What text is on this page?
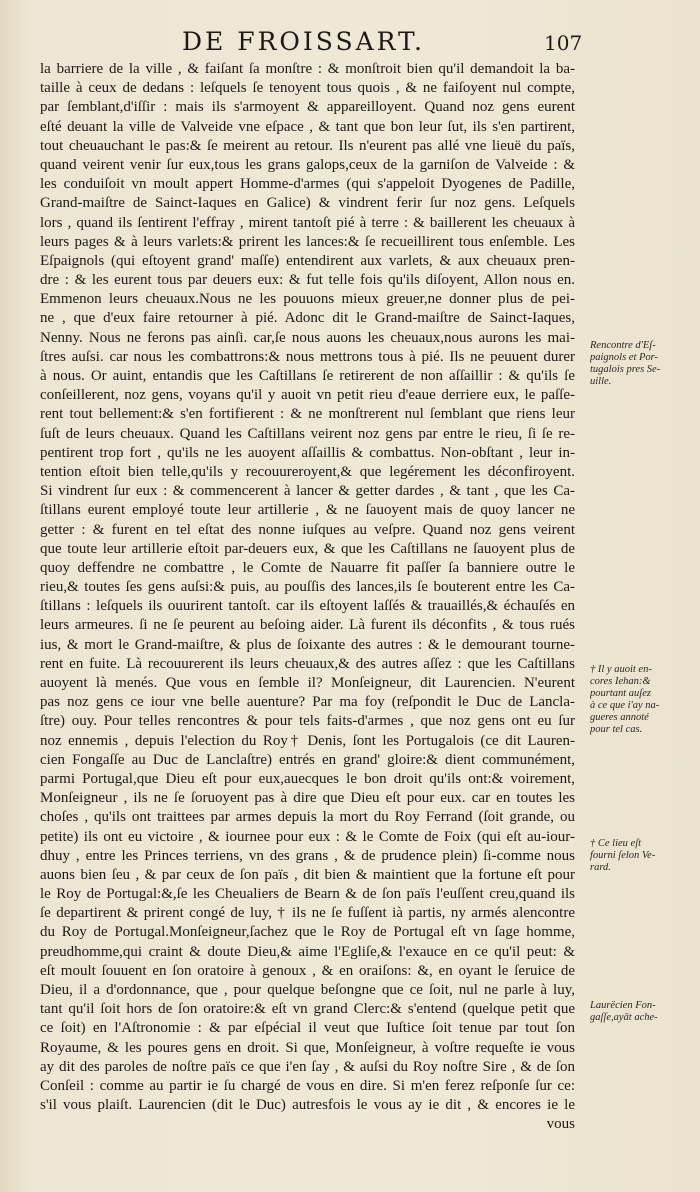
DE FROISSART.	107
la barriere de la ville , & faiſant ſa monſtre : & monſtroit bien qu'il demandoit la ba-
taille à ceux de dedans : leſquels ſe tenoyent tous quois , & ne faiſoyent nul compte,
par ſemblant,d'iſſir : mais ils s'armoyent & appareilloyent. Quand noz gens eurent
eſté deuant la ville de Valveide vne eſpace , & tant que bon leur ſut, ils s'en partirent,
tout cheuauchant le pas:& ſe meirent au retour. Ils n'eurent pas allé vne lieuë du païs,
quand veirent venir ſur eux,tous les grans galops,ceux de la garniſon de Valveide : &
les conduiſoit vn moult appert Homme-d'armes (qui s'appeloit Dyogenes de Padille,
Grand-maiſtre de Sainct-Iaques en Galice) & vindrent ferir ſur noz gens. Leſquels
lors , quand ils ſentirent l'effray , mirent tantoſt pié à terre : & baillerent les cheuaux à
leurs pages & à leurs varlets:& prirent les lances:& ſe recueillirent tous enſemble. Les
Eſpaignols (qui eſtoyent grand' maſſe) entendirent aux varlets, & aux cheuaux pren-
dre : & les eurent tous par deuers eux: & fut telle fois qu'ils diſoyent, Allon nous en.
Emmenon leurs cheuaux.Nous ne les pouuons mieux greuer,ne donner plus de pei-
ne , que d'eux faire retourner à pié. Adonc dit le Grand-maiſtre de Sainct-Iaques,
Nenny. Nous ne ferons pas ainſi. car,ſe nous auons les cheuaux,nous aurons les mai-
ſtres auſsi. car nous les combattrons:& nous mettrons tous à pié. Ils ne peuuent durer
à nous. Or auint, entandis que les Caſtillans ſe retirerent de non aſſaillir : & qu'ils ſe
conſeillerent, noz gens, voyans qu'il y auoit vn petit rieu d'eaue derriere eux, le paſſe-
rent tout bellement:& s'en fortifierent : & ne monſtrerent nul ſemblant que riens leur
ſuſt de leurs cheuaux. Quand les Caſtillans veirent noz gens par entre le rieu, ſi ſe re-
pentirent trop fort , qu'ils ne les auoyent aſſaillis & combattus. Non-obſtant , leur in-
tention eſtoit bien telle,qu'ils y recouureroyent,& que legérement les déconfiroyent.
Si vindrent ſur eux : & commencerent à lancer & getter dardes , & tant , que les Ca-
ſtillans eurent employé toute leur artillerie , & ne ſauoyent mais de quoy lancer ne
getter : & furent en tel eſtat des nonne iuſques au veſpre. Quand noz gens veirent
que toute leur artillerie eſtoit par-deuers eux, & que les Caſtillans ne ſauoyent plus de
quoy deffendre ne combattre , le Comte de Nauarre fit paſſer ſa banniere outre le
rieu,& toutes ſes gens auſsi:& puis, au pouſſis des lances,ils ſe bouterent entre les Ca-
ſtillans : leſquels ils ouurirent tantoſt. car ils eſtoyent laſſés & trauaillés,& échauſés en
leurs armeures. ſi ne ſe peurent au beſoing aider. Là furent ils déconfits , & tous rués
ius, & mort le Grand-maiſtre, & plus de ſoixante des autres : & le demourant tourne-
rent en fuite. Là recouurerent ils leurs cheuaux,& des autres aſſez : que les Caſtillans
auoyent là menés. Que vous en ſemble il? Monſeigneur, dit Laurencien. N'eurent
pas noz gens ce iour vne belle auenture? Par ma foy (reſpondit le Duc de Lancla-
ſtre) ouy. Pour telles rencontres & pour tels faits-d'armes , que noz gens ont eu ſur
noz ennemis , depuis l'election du Roy† Denis, ſont les Portugalois (ce dit Lauren-
cien Fongaſſe au Duc de Lanclaſtre) entrés en grand' gloire:& dient communément,
parmi Portugal,que Dieu eſt pour eux,auecques le bon droit qu'ils ont:& voirement,
Monſeigneur , ils ne ſe ſoruoyent pas à dire que Dieu eſt pour eux. car en toutes les
choſes , qu'ils ont traittees par armes depuis la mort du Roy Ferrand (ſoit grande, ou
petite) ils ont eu victoire , & iournee pour eux : & le Comte de Foix (qui eſt au-iour-
dhuy , entre les Princes terriens, vn des grans , & de prudence plein) ſi-comme nous
auons bien ſeu , & par ceux de ſon païs , dit bien & maintient que la fortune eſt pour
le Roy de Portugal:&,ſe les Cheualiers de Bearn & de ſon païs l'euſſent creu,quand ils
ſe departirent & prirent congé de luy, † ils ne ſe fuſſent ià partis, ny armés alencontre
du Roy de Portugal.Monſeigneur,ſachez que le Roy de Portugal eſt vn ſage homme,
preudhomme,qui craint & doute Dieu,& aime l'Egliſe,& l'exauce en ce qu'il peut: &
eſt moult ſouuent en ſon oratoire à genoux , & en oraiſons: &, en oyant le ſeruice de
Dieu, il a d'ordonnance, que , pour quelque beſongne que ce ſoit, nul ne parle à luy,
tant qu'il ſoit hors de ſon oratoire:& eſt vn grand Clerc:& s'entend (quelque petit que
ce ſoit) en l'Aſtronomie : & par eſpécial il veut que Iuſtice ſoit tenue par tout ſon
Royaume, & les poures gens en droit. Si que, Monſeigneur, à voſtre requeſte ie vous
ay dit des paroles de noſtre païs ce que i'en ſay , & auſsi du Roy noſtre Sire , & de ſon
Conſeil : comme au partir ie ſu chargé de vous en dire. Si m'en ferez reſponſe ſur ce:
s'il vous plaiſt. Laurencien (dit le Duc) autresfois le vous ay ie dit , & encores ie le
vous
Rencontre d'Eſ-
paignols et Por-
tugalois pres Se-
uille.
† Il y auoit en-
cores Iehan:&
pourtant auſez
à ce que i'ay na-
gueres annoté
pour tel cas.
† Ce lieu eſt
fourni ſelon Ve-
rard.
Laurëcien Fon-
gaſſe,ayāt ache-
